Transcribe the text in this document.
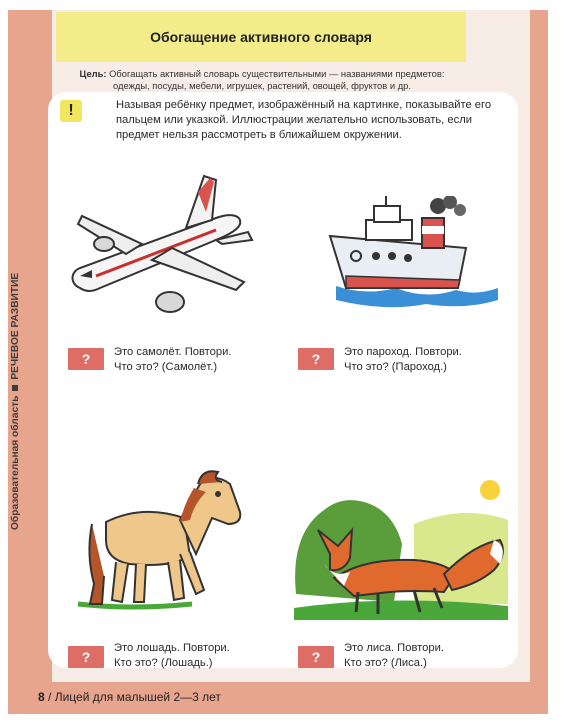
Обогащение активного словаря
Цель: Обогащать активный словарь существительными — названиями предметов: одежды, посуды, мебели, игрушек, растений, овощей, фруктов и др.
!	Называя ребёнку предмет, изображённый на картинке, показывайте его пальцем или указкой. Иллюстрации желательно использовать, если предмет нельзя рассмотреть в ближайшем окружении.
Образовательная областьРЕЧЕВОЕ РАЗВИТИЕ	?	Это самолёт. Повтори.
Что это? (Самолёт.)	?	Это пароход. Повтори.
Что это? (Пароход.)
?
Это лошадь. Повтори.
Кто это? (Лошадь.)	?
Это лиса. Повтори.
Кто это? (Лиса.)
8 / Лицей для малышей 2—3 лет
